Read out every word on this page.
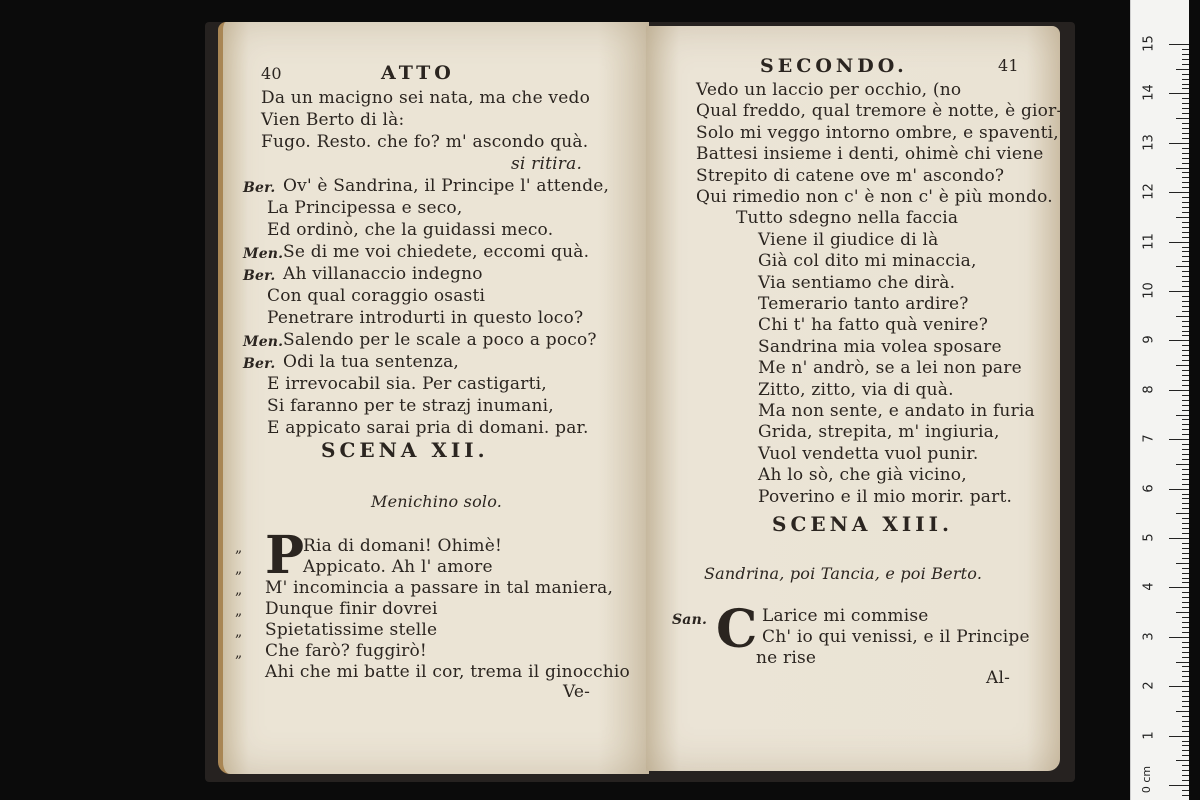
40	ATTO
SCENA XII.
Menichino solo.
P
Ve-
Da un macigno sei nata, ma che vedo
Vien Berto di là:
Fugo. Resto. che fo? m' ascondo quà.
si ritira.
Ber. Ov' è Sandrina, il Principe l' attende,
La Principessa e seco,
Ed ordinò, che la guidassi meco.
Men. Se di me voi chiedete, eccomi quà.
Ber. Ah villanaccio indegno
Con qual coraggio osasti
Penetrare introdurti in questo loco?
Men. Salendo per le scale a poco a poco?
Ber. Odi la tua sentenza,
E irrevocabil sia. Per castigarti,
Si faranno per te strazj inumani,
E appicato sarai pria di domani. par.
„	Ria di domani! Ohimè!
„	Appicato. Ah l' amore
„ M' incomincia a passare in tal maniera,
„ Dunque finir dovrei
„ Spietatissime stelle
„ Che farò? fuggirò!
Ahi che mi batte il cor, trema il ginocchio
SECONDO.	41
SCENA XIII.
Sandrina, poi Tancia, e poi Berto.
San. C
Al-
Vedo un laccio per occhio, (no
Qual freddo, qual tremore è notte, è gior-
Solo mi veggo intorno ombre, e spaventi,
Battesi insieme i denti, ohimè chi viene
Strepito di catene ove m' ascondo?
Qui rimedio non c' è non c' è più mondo.
Tutto sdegno nella faccia
Viene il giudice di là
Già col dito mi minaccia,
Via sentiamo che dirà.
Temerario tanto ardire?
Chi t' ha fatto quà venire?
Sandrina mia volea sposare
Me n' andrò, se a lei non pare
Zitto, zitto, via di quà.
Ma non sente, e andato in furia
Grida, strepita, m' ingiuria,
Vuol vendetta vuol punir.
Ah lo sò, che già vicino,
Poverino e il mio morir. part.
Larice mi commise
Ch' io qui venissi, e il Principe
ne rise
15
14
13
12
11
10
9
8
7
6
5
4
3
2
1
0 cm
